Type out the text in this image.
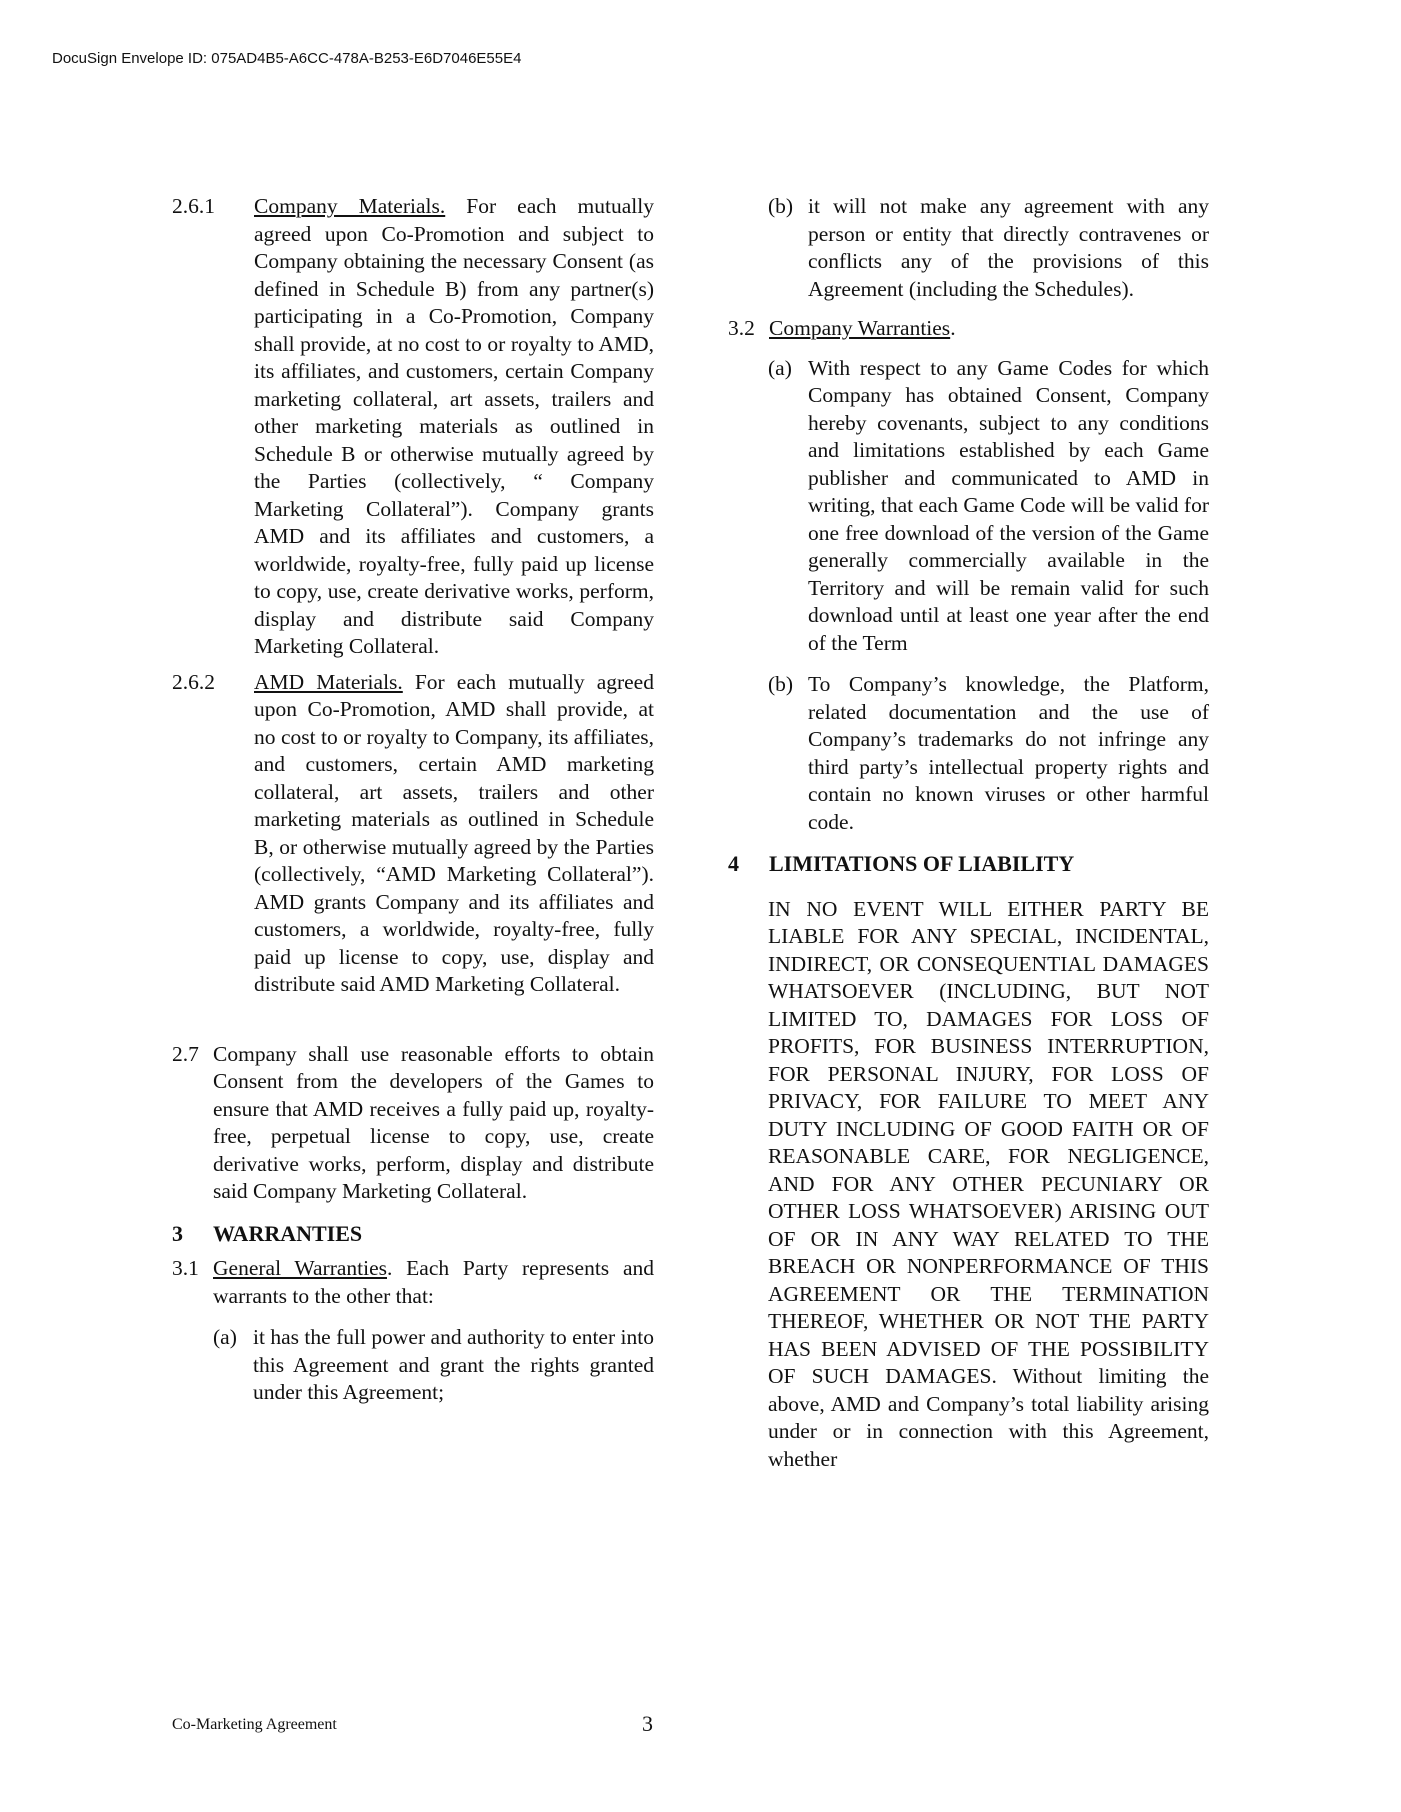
DocuSign Envelope ID: 075AD4B5-A6CC-478A-B253-E6D7046E55E4

2.6.1 Company Materials. For each mutually agreed upon Co-Promotion and subject to Company obtaining the necessary Consent (as defined in Schedule B) from any partner(s) participating in a Co-Promotion, Company shall provide, at no cost to or royalty to AMD, its affiliates, and customers, certain Company marketing collateral, art assets, trailers and other marketing materials as outlined in Schedule B or otherwise mutually agreed by the Parties (collectively, “ Company Marketing Collateral”). Company grants AMD and its affiliates and customers, a worldwide, royalty-free, fully paid up license to copy, use, create derivative works, perform, display and distribute said Company Marketing Collateral.
2.6.2 AMD Materials. For each mutually agreed upon Co-Promotion, AMD shall provide, at no cost to or royalty to Company, its affiliates, and customers, certain AMD marketing collateral, art assets, trailers and other marketing materials as outlined in Schedule B, or otherwise mutually agreed by the Parties (collectively, “AMD Marketing Collateral”). AMD grants Company and its affiliates and customers, a worldwide, royalty-free, fully paid up license to copy, use, display and distribute said AMD Marketing Collateral.
2.7 Company shall use reasonable efforts to obtain Consent from the developers of the Games to ensure that AMD receives a fully paid up, royalty-free, perpetual license to copy, use, create derivative works, perform, display and distribute said Company Marketing Collateral.
3 WARRANTIES
3.1 General Warranties. Each Party represents and warrants to the other that:
(a) it has the full power and authority to enter into this Agreement and grant the rights granted under this Agreement;
(b) it will not make any agreement with any person or entity that directly contravenes or conflicts any of the provisions of this Agreement (including the Schedules).
3.2 Company Warranties.
(a) With respect to any Game Codes for which Company has obtained Consent, Company hereby covenants, subject to any conditions and limitations established by each Game publisher and communicated to AMD in writing, that each Game Code will be valid for one free download of the version of the Game generally commercially available in the Territory and will be remain valid for such download until at least one year after the end of the Term
(b) To Company’s knowledge, the Platform, related documentation and the use of Company’s trademarks do not infringe any third party’s intellectual property rights and contain no known viruses or other harmful code.
4 LIMITATIONS OF LIABILITY
IN NO EVENT WILL EITHER PARTY BE LIABLE FOR ANY SPECIAL, INCIDENTAL, INDIRECT, OR CONSEQUENTIAL DAMAGES WHATSOEVER (INCLUDING, BUT NOT LIMITED TO, DAMAGES FOR LOSS OF PROFITS, FOR BUSINESS INTERRUPTION, FOR PERSONAL INJURY, FOR LOSS OF PRIVACY, FOR FAILURE TO MEET ANY DUTY INCLUDING OF GOOD FAITH OR OF REASONABLE CARE, FOR NEGLIGENCE, AND FOR ANY OTHER PECUNIARY OR OTHER LOSS WHATSOEVER) ARISING OUT OF OR IN ANY WAY RELATED TO THE BREACH OR NONPERFORMANCE OF THIS AGREEMENT OR THE TERMINATION THEREOF, WHETHER OR NOT THE PARTY HAS BEEN ADVISED OF THE POSSIBILITY OF SUCH DAMAGES. Without limiting the above, AMD and Company’s total liability arising under or in connection with this Agreement, whether
Co-Marketing Agreement	3
